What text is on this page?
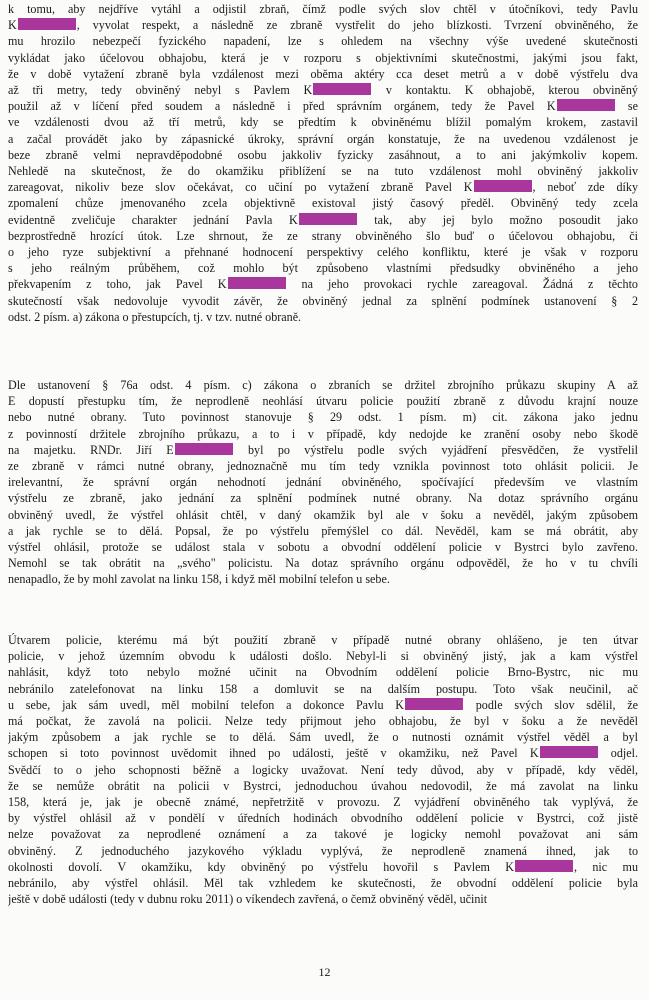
k tomu, aby nejdříve vytáhl a odjistil zbraň, čímž podle svých slov chtěl v útočníkovi, tedy Pavlu
K	, vyvolat respekt, a následně ze zbraně vystřelit do jeho blízkosti. Tvrzení obviněného, že
mu hrozilo nebezpečí fyzického napadení, lze s ohledem na všechny výše uvedené skutečnosti
vykládat jako účelovou obhajobu, která je v rozporu s objektivními skutečnostmi, jakými jsou fakt,
že v době vytažení zbraně byla vzdálenost mezi oběma aktéry cca deset metrů a v době výstřelu dva
až tři metry, tedy obviněný nebyl s Pavlem K	v kontaktu. K obhajobě, kterou obviněný
použil až v líčení před soudem a následně i před správním orgánem, tedy že Pavel K	se
ve vzdálenosti dvou až tří metrů, kdy se předtím k obviněnému blížil pomalým krokem, zastavil
a začal provádět jako by zápasnické úkroky, správní orgán konstatuje, že na uvedenou vzdálenost je
beze zbraně velmi nepravděpodobné osobu jakkoliv fyzicky zasáhnout, a to ani jakýmkoliv kopem.
Nehledě na skutečnost, že do okamžiku přiblížení se na tuto vzdálenost mohl obviněný jakkoliv
zareagovat, nikoliv beze slov očekávat, co učiní po vytažení zbraně Pavel K	, neboť zde díky
zpomalení chůze jmenovaného zcela objektivně existoval jistý časový předěl. Obviněný tedy zcela
evidentně zveličuje charakter jednání Pavla K	tak, aby jej bylo možno posoudit jako
bezprostředně hrozící útok. Lze shrnout, že ze strany obviněného šlo buď o účelovou obhajobu, či
o jeho ryze subjektivní a přehnané hodnocení perspektivy celého konfliktu, které je však v rozporu
s jeho reálným průběhem, což mohlo být způsobeno vlastními předsudky obviněného a jeho
překvapením z toho, jak Pavel K	na jeho provokaci rychle zareagoval. Žádná z těchto
skutečností však nedovoluje vyvodit závěr, že obviněný jednal za splnění podmínek ustanovení § 2
odst. 2 písm. a) zákona o přestupcích, tj. v tzv. nutné obraně.
Dle ustanovení § 76a odst. 4 písm. c) zákona o zbraních se držitel zbrojního průkazu skupiny A až
E dopustí přestupku tím, že neprodleně neohlásí útvaru policie použití zbraně z důvodu krajní nouze
nebo nutné obrany. Tuto povinnost stanovuje § 29 odst. 1 písm. m) cit. zákona jako jednu
z povinností držitele zbrojního průkazu, a to i v případě, kdy nedojde ke zranění osoby nebo škodě
na majetku. RNDr. Jiří E	byl po výstřelu podle svých vyjádření přesvědčen, že vystřelil
ze zbraně v rámci nutné obrany, jednoznačně mu tím tedy vznikla povinnost toto ohlásit policii. Je
irelevantní, že správní orgán nehodnotí jednání obviněného, spočívající především ve vlastním
výstřelu ze zbraně, jako jednání za splnění podmínek nutné obrany. Na dotaz správního orgánu
obviněný uvedl, že výstřel ohlásit chtěl, v daný okamžik byl ale v šoku a nevěděl, jakým způsobem
a jak rychle se to dělá. Popsal, že po výstřelu přemýšlel co dál. Nevěděl, kam se má obrátit, aby
výstřel ohlásil, protože se událost stala v sobotu a obvodní oddělení policie v Bystrci bylo zavřeno.
Nemohl se tak obrátit na „svého" policistu. Na dotaz správního orgánu odpověděl, že ho v tu chvíli
nenapadlo, že by mohl zavolat na linku 158, i když měl mobilní telefon u sebe.
Útvarem policie, kterému má být použití zbraně v případě nutné obrany ohlášeno, je ten útvar
policie, v jehož územním obvodu k události došlo. Nebyl-li si obviněný jistý, jak a kam výstřel
nahlásit, když toto nebylo možné učinit na Obvodním oddělení policie Brno-Bystrc, nic mu
nebránilo zatelefonovat na linku 158 a domluvit se na dalším postupu. Toto však neučinil, ač
u sebe, jak sám uvedl, měl mobilní telefon a dokonce Pavlu K	podle svých slov sdělil, že
má počkat, že zavolá na policii. Nelze tedy přijmout jeho obhajobu, že byl v šoku a že nevěděl
jakým způsobem a jak rychle se to dělá. Sám uvedl, že o nutnosti oznámit výstřel věděl a byl
schopen si toto povinnost uvědomit ihned po události, ještě v okamžiku, než Pavel K	odjel.
Svědčí to o jeho schopnosti běžně a logicky uvažovat. Není tedy důvod, aby v případě, kdy věděl,
že se nemůže obrátit na policii v Bystrci, jednoduchou úvahou nedovodil, že má zavolat na linku
158, která je, jak je obecně známé, nepřetržitě v provozu. Z vyjádření obviněného tak vyplývá, že
by výstřel ohlásil až v pondělí v úředních hodinách obvodního oddělení policie v Bystrci, což jistě
nelze považovat za neprodlené oznámení a za takové je logicky nemohl považovat ani sám
obviněný. Z jednoduchého jazykového výkladu vyplývá, že neprodleně znamená ihned, jak to
okolnosti dovolí. V okamžiku, kdy obviněný po výstřelu hovořil s Pavlem K	, nic mu
nebránilo, aby výstřel ohlásil. Měl tak vzhledem ke skutečnosti, že obvodní oddělení policie byla
ještě v době události (tedy v dubnu roku 2011) o víkendech zavřená, o čemž obviněný věděl, učinit
12
